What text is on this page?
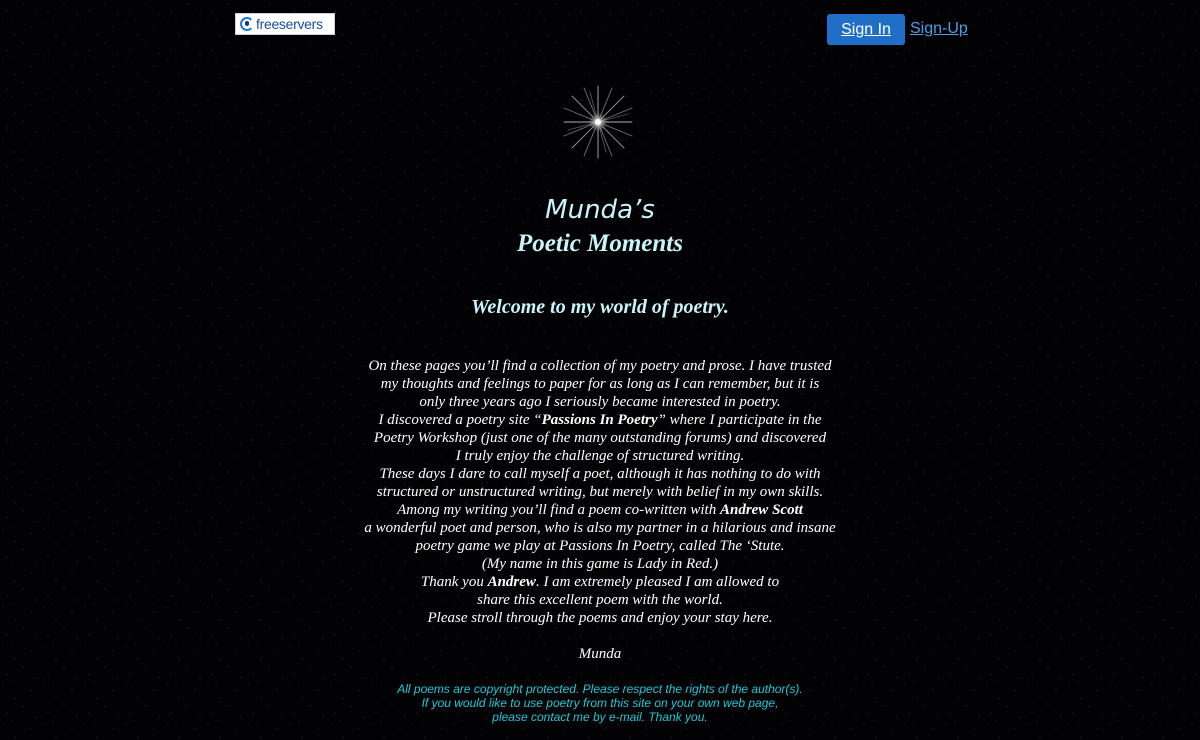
freeservers	Sign In	Sign-Up
Munda’s
Poetic Moments
Welcome to my world of poetry.
On these pages you’ll find a collection of my poetry and prose. I have trusted
my thoughts and feelings to paper for as long as I can remember, but it is
only three years ago I seriously became interested in poetry.
I discovered a poetry site “Passions In Poetry” where I participate in the
Poetry Workshop (just one of the many outstanding forums) and discovered
I truly enjoy the challenge of structured writing.
These days I dare to call myself a poet, although it has nothing to do with
structured or unstructured writing, but merely with belief in my own skills.
Among my writing you’ll find a poem co-written with Andrew Scott
a wonderful poet and person, who is also my partner in a hilarious and insane
poetry game we play at Passions In Poetry, called The ‘Stute.
(My name in this game is Lady in Red.)
Thank you Andrew. I am extremely pleased I am allowed to
share this excellent poem with the world.
Please stroll through the poems and enjoy your stay here.
Munda
All poems are copyright protected. Please respect the rights of the author(s).
If you would like to use poetry from this site on your own web page,
please contact me by e-mail. Thank you.
